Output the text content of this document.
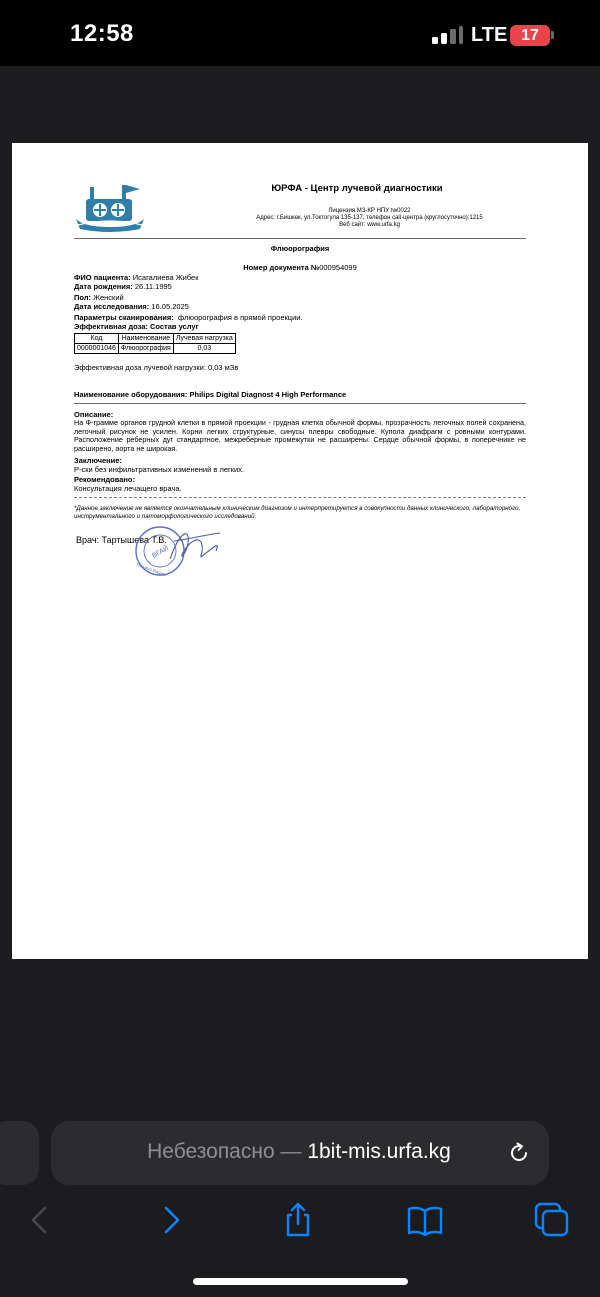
12:58	LTE 17
ЮРФА - Центр лучевой диагностики
Лицензия МЗ-КР НПУ №0022
Адрес: г.Бишкек, ул.Токтогула 135-137, телефон call-центра (круглосуточно):1215
Веб сайт: www.urfa.kg
Флюорография
Номер документа №000954099
ФИО пациента: Исагалиева Жибек
Дата рождения: 26.11.1995
Пол: Женский
Дата исследования: 16.05.2025
Параметры сканирования: флюорография в прямой проекции.
Эффективная доза: Состав услуг
Код	Наименование	Лучевая нагрузка
0000001046	Флюорография	0,03
Эффективная доза лучевой нагрузки: 0,03 мЗв
Наименование оборудования: Philips Digital Diagnost 4 High Performance
Описание:
На Ф-грамме органов грудной клетки в прямой проекции - грудная клетка обычной формы, прозрачность легочных полей сохранена, легочный рисунок не усилен. Корни легких структурные, синусы плевры свободные. Купола диафрагм с ровными контурами. Расположение реберных дуг стандартное, межреберные промежутки не расширены. Сердце обычной формы, в поперечнике не расширено, аорта не широкая.
Заключение:
Р-ски без инфильтративных изменений в легких.
Рекомендовано:
Консультация лечащего врача.
*Данное заключение не является окончательным клиническим диагнозом и интерпретируется в совокупности данных клинического, лабораторного, инструментального и патоморфологического исследований.
Врач: Тартышева Т.В.
ВГАЙ
Татьяна Вадим
Небезопасно — 1bit-mis.urfa.kg
